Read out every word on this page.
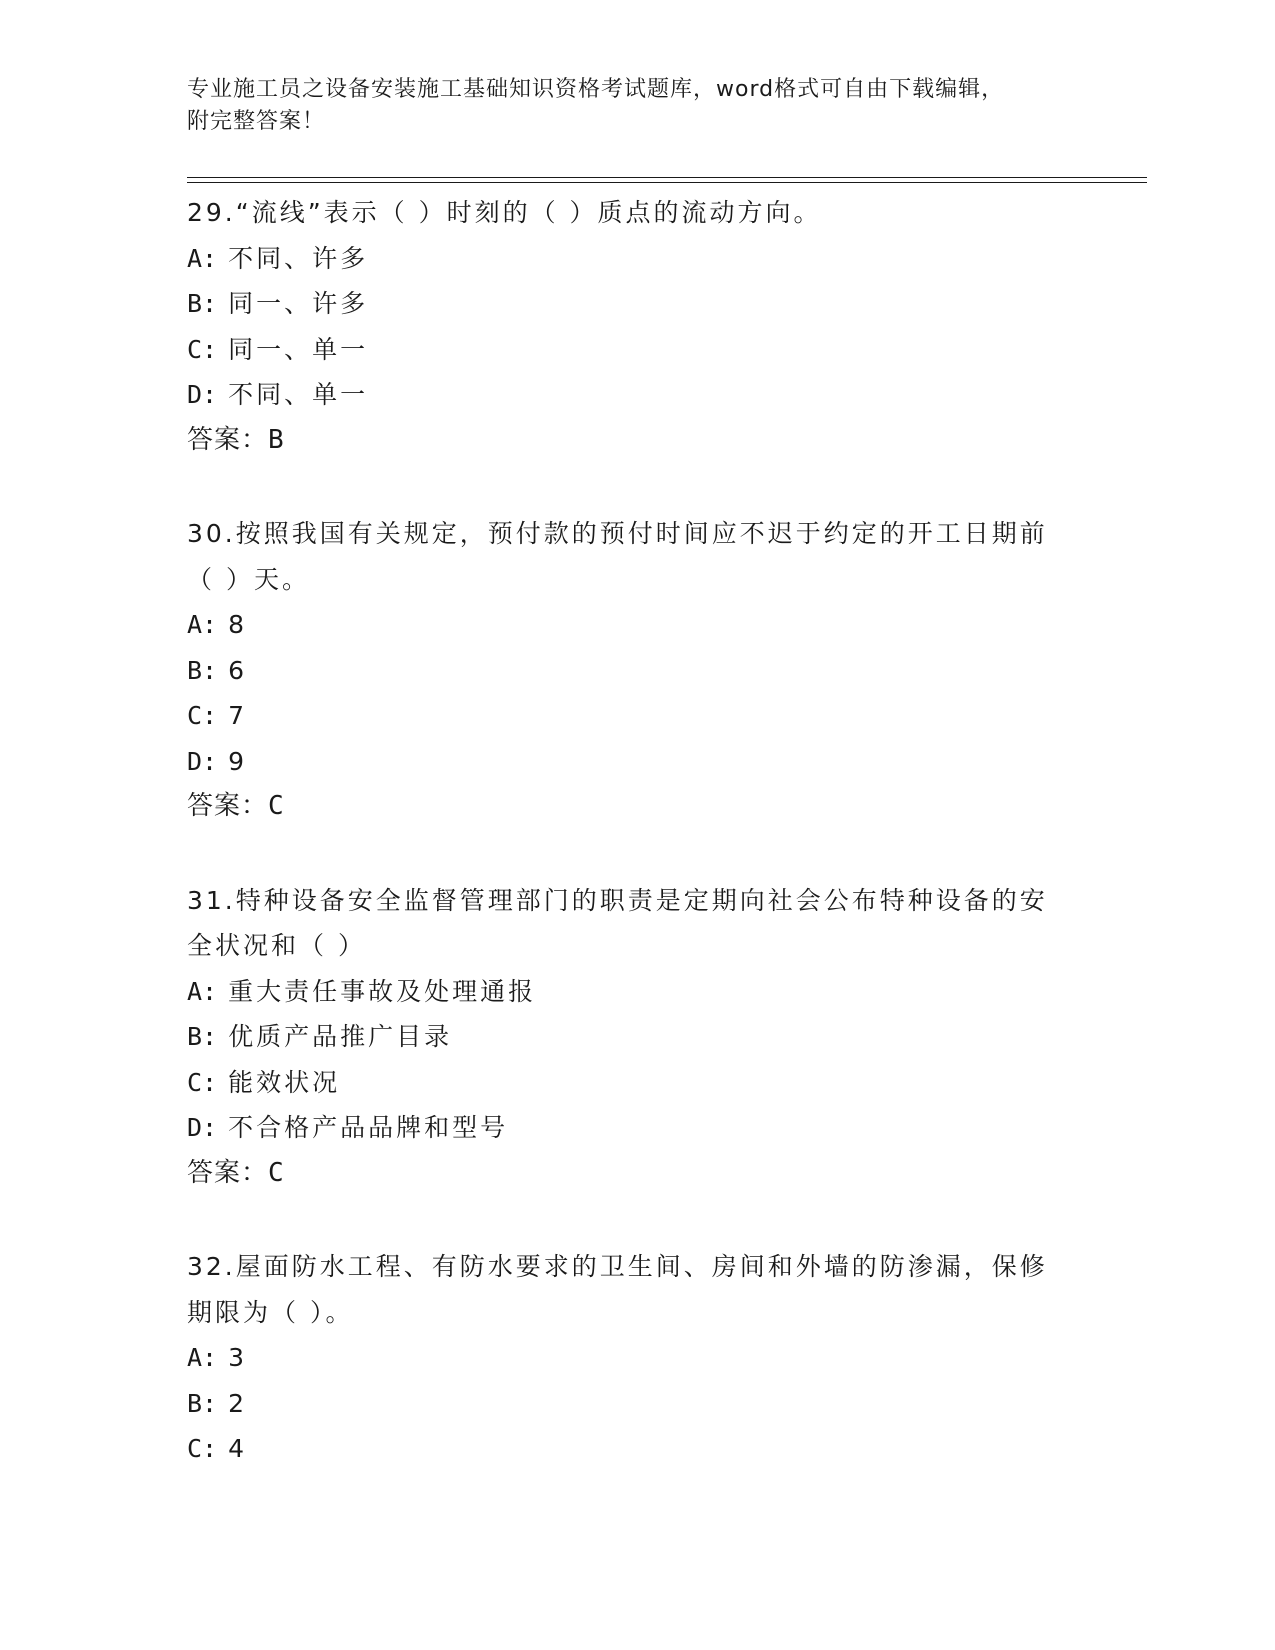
专业施工员之设备安装施工基础知识资格考试题库，word格式可自由下载编辑，
附完整答案！
29.“流线”表示（ ）时刻的（ ）质点的流动方向。
A: 不同、许多
B: 同一、许多
C: 同一、单一
D: 不同、单一
答案：B
30.按照我国有关规定，预付款的预付时间应不迟于约定的开工日期前
（ ）天。
A: 8
B: 6
C: 7
D: 9
答案：C
31.特种设备安全监督管理部门的职责是定期向社会公布特种设备的安
全状况和（ ）
A: 重大责任事故及处理通报
B: 优质产品推广目录
C: 能效状况
D: 不合格产品品牌和型号
答案：C
32.屋面防水工程、有防水要求的卫生间、房间和外墙的防渗漏，保修
期限为（ ）。
A: 3
B: 2
C: 4
